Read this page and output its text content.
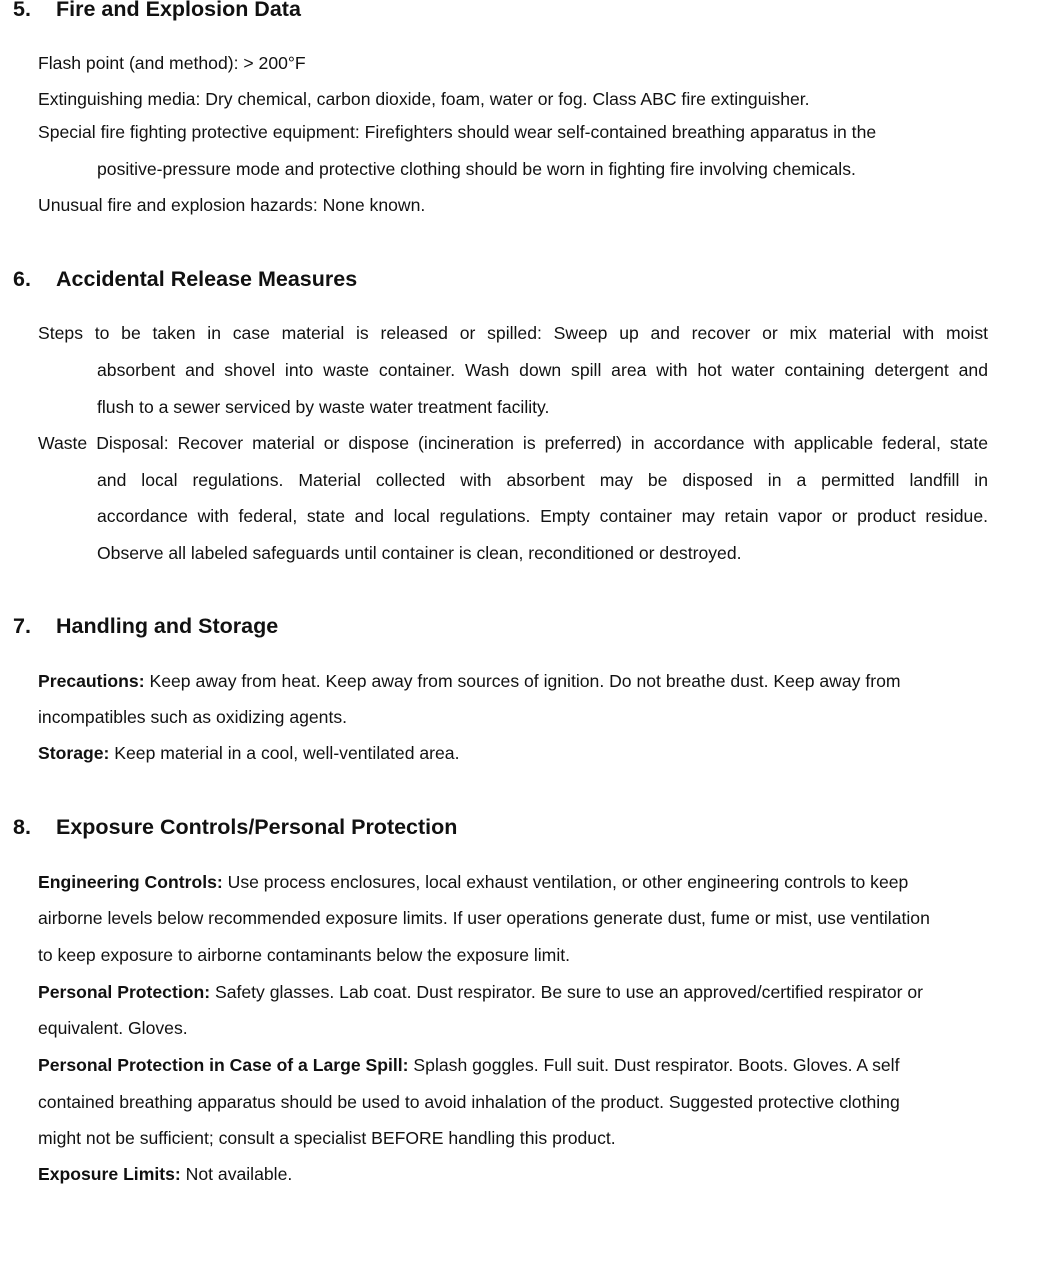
5. Fire and Explosion Data
Flash point (and method): > 200°F
Extinguishing media: Dry chemical, carbon dioxide, foam, water or fog. Class ABC fire extinguisher.
Special fire fighting protective equipment: Firefighters should wear self-contained breathing apparatus in the
positive-pressure mode and protective clothing should be worn in fighting fire involving chemicals.
Unusual fire and explosion hazards: None known.
6. Accidental Release Measures
Steps to be taken in case material is released or spilled: Sweep up and recover or mix material with moist
absorbent and shovel into waste container. Wash down spill area with hot water containing detergent and
flush to a sewer serviced by waste water treatment facility.
Waste Disposal: Recover material or dispose (incineration is preferred) in accordance with applicable federal, state
and local regulations. Material collected with absorbent may be disposed in a permitted landfill in
accordance with federal, state and local regulations. Empty container may retain vapor or product residue.
Observe all labeled safeguards until container is clean, reconditioned or destroyed.
7. Handling and Storage
Precautions: Keep away from heat. Keep away from sources of ignition. Do not breathe dust. Keep away from
incompatibles such as oxidizing agents.
Storage: Keep material in a cool, well-ventilated area.
8. Exposure Controls/Personal Protection
Engineering Controls: Use process enclosures, local exhaust ventilation, or other engineering controls to keep
airborne levels below recommended exposure limits. If user operations generate dust, fume or mist, use ventilation
to keep exposure to airborne contaminants below the exposure limit.
Personal Protection: Safety glasses. Lab coat. Dust respirator. Be sure to use an approved/certified respirator or
equivalent. Gloves.
Personal Protection in Case of a Large Spill: Splash goggles. Full suit. Dust respirator. Boots. Gloves. A self
contained breathing apparatus should be used to avoid inhalation of the product. Suggested protective clothing
might not be sufficient; consult a specialist BEFORE handling this product.
Exposure Limits: Not available.
